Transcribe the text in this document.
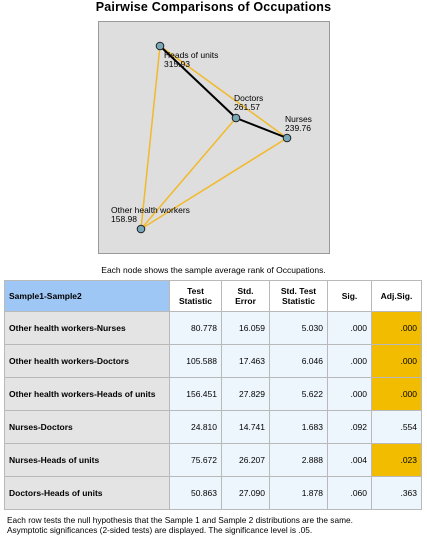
Pairwise Comparisons of Occupations
Heads of units
315.93
Doctors
261.57
Nurses
239.76
Other health workers
158.98
Each node shows the sample average rank of Occupations.
Sample1-Sample2	Test Statistic	Std. Error	Std. Test Statistic	Sig.	Adj.Sig.
Other health workers-Nurses	80.778	16.059	5.030	.000	.000
Other health workers-Doctors	105.588	17.463	6.046	.000	.000
Other health workers-Heads of units	156.451	27.829	5.622	.000	.000
Nurses-Doctors	24.810	14.741	1.683	.092	.554
Nurses-Heads of units	75.672	26.207	2.888	.004	.023
Doctors-Heads of units	50.863	27.090	1.878	.060	.363
Each row tests the null hypothesis that the Sample 1 and Sample 2 distributions are the same.
Asymptotic significances (2-sided tests) are displayed. The significance level is .05.
